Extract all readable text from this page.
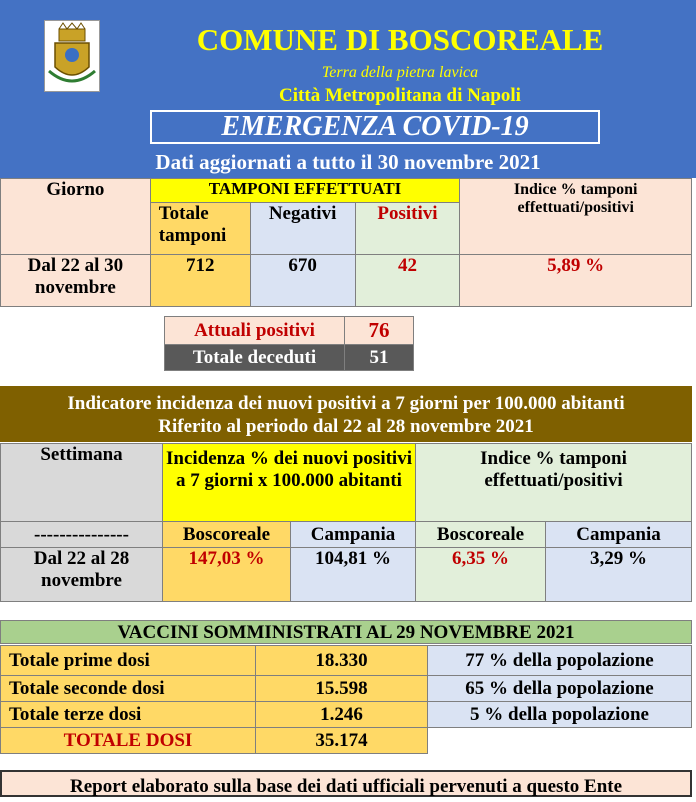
COMUNE DI BOSCOREALE
Terra della pietra lavica
Città Metropolitana di Napoli
EMERGENZA COVID-19
Dati aggiornati a tutto il 30 novembre 2021
Giorno	TAMPONI EFFETTUATI			Indice % tamponi effettuati/positivi
	Totale tamponi	Negativi	Positivi	
Dal 22 al 30 novembre	712	670	42	5,89 %
Attuali positivi	76
Totale deceduti	51
Indicatore incidenza dei nuovi positivi a 7 giorni per 100.000 abitanti
Riferito al periodo dal 22 al 28 novembre 2021
Settimana	Incidenza % dei nuovi positivi a 7 giorni x 100.000 abitanti		Indice % tamponi effettuati/positivi	
---------------	Boscoreale	Campania	Boscoreale	Campania
Dal 22 al 28 novembre	147,03 %	104,81 %	6,35 %	3,29 %
VACCINI SOMMINISTRATI AL 29 NOVEMBRE 2021
Totale prime dosi	18.330	77 % della popolazione
Totale seconde dosi	15.598	65 % della popolazione
Totale terze dosi	1.246	5 % della popolazione
TOTALE DOSI	35.174	
Report elaborato sulla base dei dati ufficiali pervenuti a questo Ente
